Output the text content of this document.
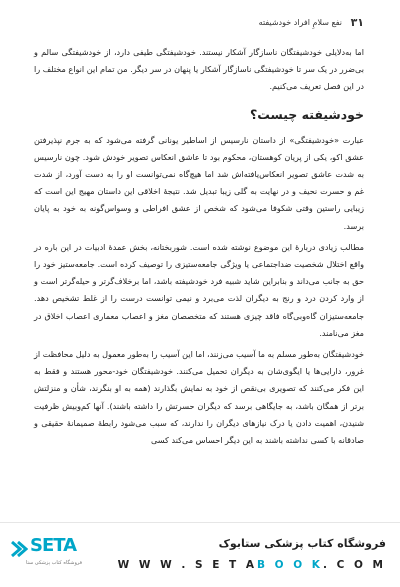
۳۱
نفع سلامِ افراد خودشیفته

اما به‌دلایلی خودشیفتگان ناسازگار آشکار نیستند. خودشیفتگی طیفی دارد، از خودشیفتگی سالم و بی‌ضرر در یک سر تا خودشیفتگی ناسازگار آشکار یا پنهان در سر دیگر. من تمام این انواع مختلف را در این فصل تعریف می‌کنیم.

خودشیفته چیست؟

عبارت «خودشیفتگی» از داستان نارسیس از اساطیر یونانی گرفته می‌شود که به جرم نپذیرفتن عشق اکو، یکی از پریان کوهستان، محکوم بود تا عاشق انعکاس تصویر خودش شود. چون نارسیس به شدت عاشق تصویر انعکاس‌یافته‌اش شد اما هیچ‌گاه نمی‌توانست او را به دست آورد، از شدت غم و حسرت نحیف و در نهایت به گلی زیبا تبدیل شد. نتیجهٔ اخلاقی این داستان مهیج این است که زیبایی راستین وقتی شکوفا می‌شود که شخص از عشق افراطی و وسواس‌گونه به خود به پایان برسد.

مطالب زیادی دربارهٔ این موضوع نوشته شده است. شوربختانه، بخش عمدهٔ ادبیات در این باره در واقع اختلال شخصیت ضداجتماعی یا ویژگی جامعه‌ستیزی را توصیف کرده است. جامعه‌ستیز خود را حق به جانب می‌داند و بنابراین شاید شبیه فرد خودشیفته باشد، اما برخلاف‌گرتر و حیله‌گرتر است و از وارد کردن درد و رنج به دیگران لذت می‌برد و نیمی توانست درست را از غلط تشخیص دهد. جامعه‌ستیزان گاه‌وبی‌گاه فاقد چیزی هستند که متخصصان مغز و اعصاب معماری اعصاب اخلاق در مغز می‌نامند.

خودشیفتگان به‌طور مسلم به ما آسیب می‌زنند، اما این آسیب را به‌طور معمول به دلیل محافظت از غرور، دارایی‌ها یا ایگوی‌شان به دیگران تحمیل می‌کنند. خودشیفتگان خود-محور هستند و فقط به این فکر می‌کنند که تصویری بی‌نقص از خود به نمایش بگذارند (همه به او بنگرند، شأن و منزلتش برتر از همگان باشد، به جایگاهی برسد که دیگران حسرتش را داشته باشند). آنها کم‌وبیش ظرفیت شنیدن، اهمیت دادن یا درک نیازهای دیگران را ندارند، که سبب می‌شود رابطهٔ صمیمانهٔ حقیقی و صادقانه با کسی نداشته باشند به این دیگر احساس می‌کند کسی

SETA
فروشگاه کتاب پزشکی ستا
فروشگاه کتاب پزشکی ستابوک
W W W . S E T AB O O K. C O M
